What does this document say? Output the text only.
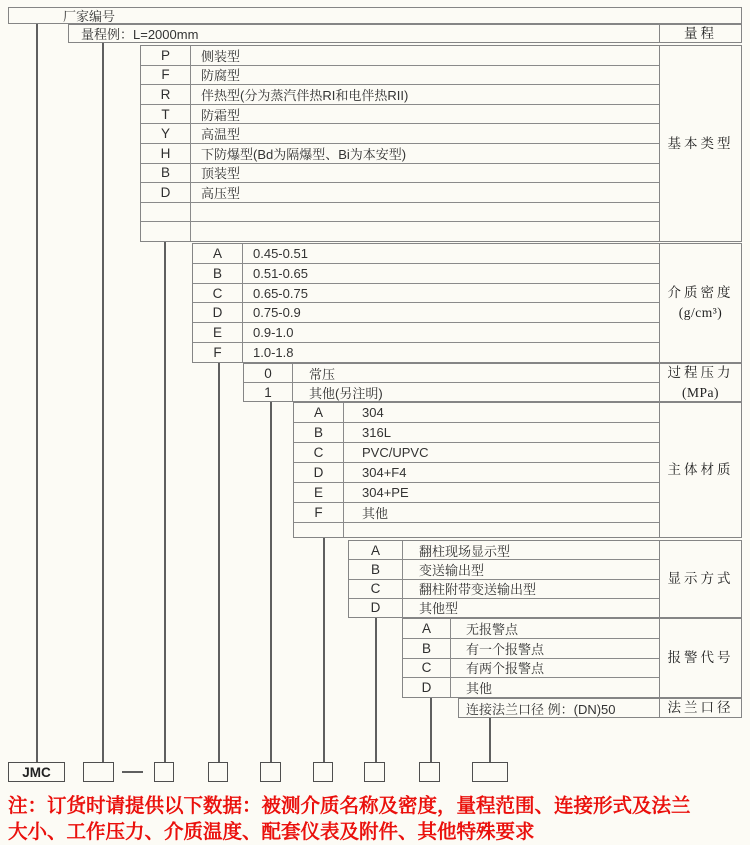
厂家编号
量程例：L=2000mm	量程
P	侧装型
F	防腐型
R	伴热型(分为蒸汽伴热RI和电伴热RII)
T	防霜型
Y	高温型
H	下防爆型(Bd为隔爆型、Bi为本安型)
B	顶装型
D	高压型
基本类型
A	0.45-0.51
B	0.51-0.65
C	0.65-0.75
D	0.75-0.9
E	0.9-1.0
F	1.0-1.8
介质密度
(g/cm³)
0	常压
1	其他(另注明)
过程压力
(MPa)
A	304
B	316L
C	PVC/UPVC
D	304+F4
E	304+PE
F	其他
主体材质
A	翻柱现场显示型
B	变送输出型
C	翻柱附带变送输出型
D	其他型
显示方式
A	无报警点
B	有一个报警点
C	有两个报警点
D	其他
报警代号
连接法兰口径 例：(DN)50	法兰口径
JMC
注：订货时请提供以下数据：被测介质名称及密度，量程范围、连接形式及法兰
大小、工作压力、介质温度、配套仪表及附件、其他特殊要求
